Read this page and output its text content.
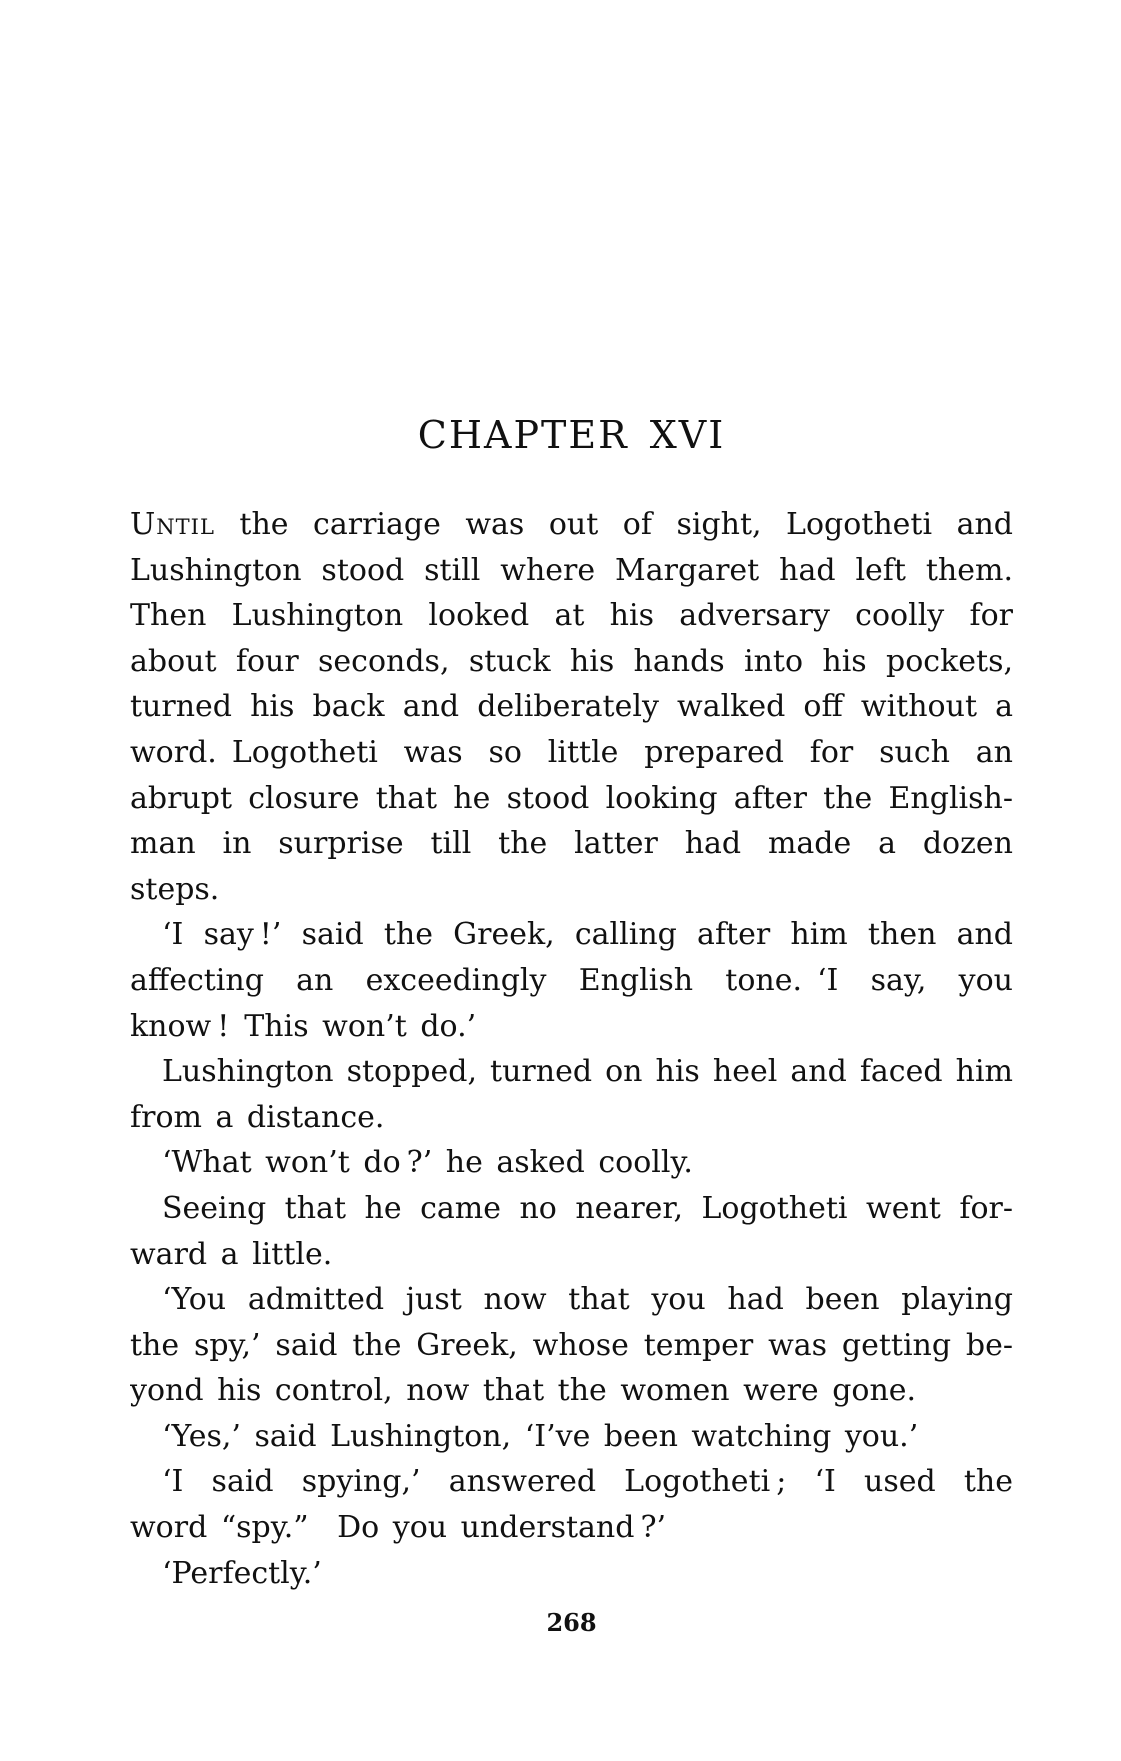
CHAPTER XVI
Until the carriage was out of sight, Logotheti and
Lushington stood still where Margaret had left them.
Then Lushington looked at his adversary coolly for
about four seconds, stuck his hands into his pockets,
turned his back and deliberately walked off without a
word. Logotheti was so little prepared for such an
abrupt closure that he stood looking after the English-
man in surprise till the latter had made a dozen
steps.
‘I say !’ said the Greek, calling after him then and
affecting an exceedingly English tone. ‘I say, you
know ! This won’t do.’
Lushington stopped, turned on his heel and faced him
from a distance.
‘What won’t do ?’ he asked coolly.
Seeing that he came no nearer, Logotheti went for-
ward a little.
‘You admitted just now that you had been playing
the spy,’ said the Greek, whose temper was getting be-
yond his control, now that the women were gone.
‘Yes,’ said Lushington, ‘I’ve been watching you.’
‘I said spying,’ answered Logotheti ; ‘I used the
word “spy.”  Do you understand ?’
‘Perfectly.’
268
